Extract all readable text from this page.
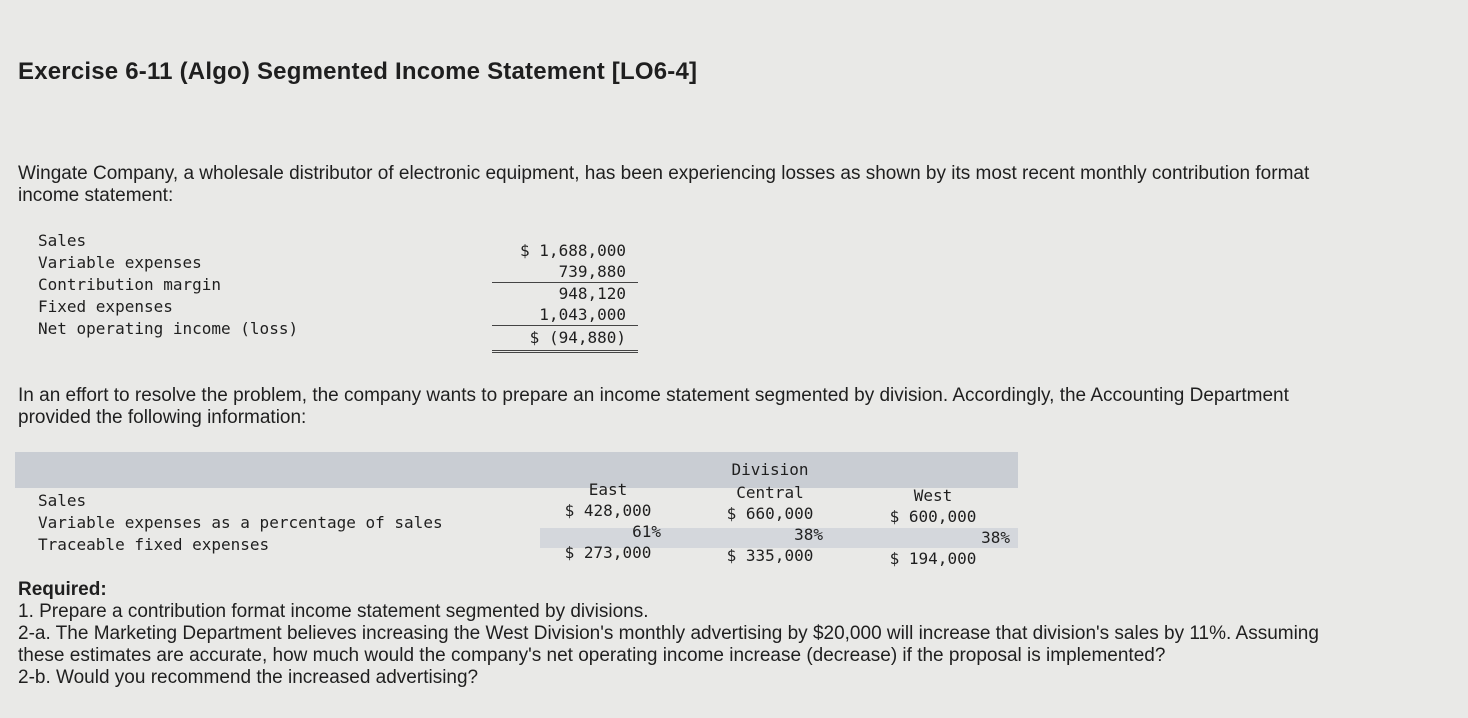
Exercise 6-11 (Algo) Segmented Income Statement [LO6-4]
Wingate Company, a wholesale distributor of electronic equipment, has been experiencing losses as shown by its most recent monthly contribution format income statement:
Sales
Variable expenses
Contribution margin
Fixed expenses
Net operating income (loss)
$ 1,688,000
739,880
948,120
1,043,000
$ (94,880)
In an effort to resolve the problem, the company wants to prepare an income statement segmented by division. Accordingly, the Accounting Department provided the following information:
Division
Sales
Variable expenses as a percentage of sales
Traceable fixed expenses
East
$ 428,000
61%
$ 273,000
Central
$ 660,000
38%
$ 335,000
West
$ 600,000
38%
$ 194,000
Required:
1. Prepare a contribution format income statement segmented by divisions.
2-a. The Marketing Department believes increasing the West Division's monthly advertising by $20,000 will increase that division's sales by 11%. Assuming these estimates are accurate, how much would the company's net operating income increase (decrease) if the proposal is implemented?
2-b. Would you recommend the increased advertising?
